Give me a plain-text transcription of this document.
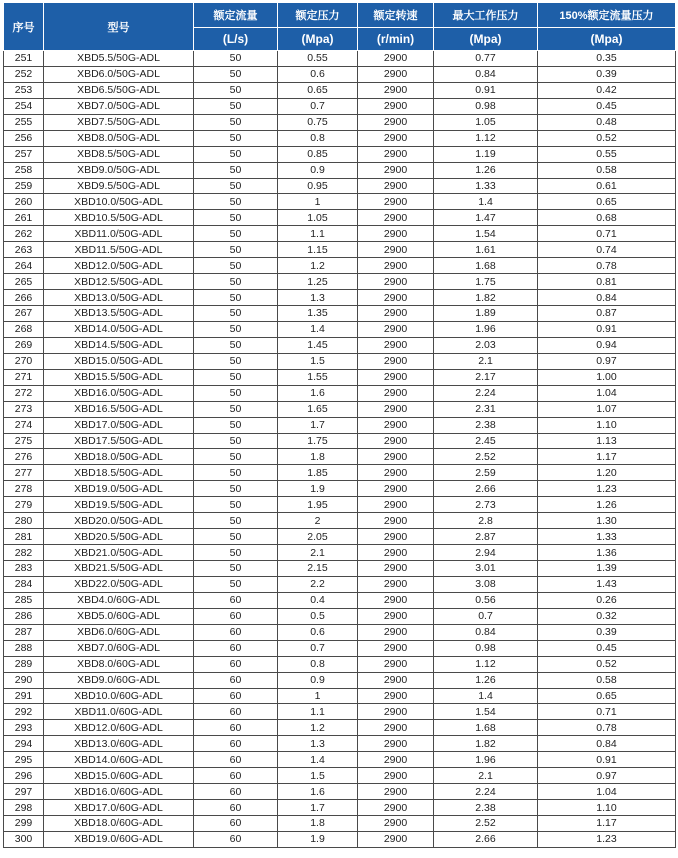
序号	型号	额定流量	额定压力	额定转速	最大工作压力	150%额定流量压力
		(L/s)	(Mpa)	(r/min)	(Mpa)	(Mpa)
251	XBD5.5/50G-ADL	50	0.55	2900	0.77	0.35
252	XBD6.0/50G-ADL	50	0.6	2900	0.84	0.39
253	XBD6.5/50G-ADL	50	0.65	2900	0.91	0.42
254	XBD7.0/50G-ADL	50	0.7	2900	0.98	0.45
255	XBD7.5/50G-ADL	50	0.75	2900	1.05	0.48
256	XBD8.0/50G-ADL	50	0.8	2900	1.12	0.52
257	XBD8.5/50G-ADL	50	0.85	2900	1.19	0.55
258	XBD9.0/50G-ADL	50	0.9	2900	1.26	0.58
259	XBD9.5/50G-ADL	50	0.95	2900	1.33	0.61
260	XBD10.0/50G-ADL	50	1	2900	1.4	0.65
261	XBD10.5/50G-ADL	50	1.05	2900	1.47	0.68
262	XBD11.0/50G-ADL	50	1.1	2900	1.54	0.71
263	XBD11.5/50G-ADL	50	1.15	2900	1.61	0.74
264	XBD12.0/50G-ADL	50	1.2	2900	1.68	0.78
265	XBD12.5/50G-ADL	50	1.25	2900	1.75	0.81
266	XBD13.0/50G-ADL	50	1.3	2900	1.82	0.84
267	XBD13.5/50G-ADL	50	1.35	2900	1.89	0.87
268	XBD14.0/50G-ADL	50	1.4	2900	1.96	0.91
269	XBD14.5/50G-ADL	50	1.45	2900	2.03	0.94
270	XBD15.0/50G-ADL	50	1.5	2900	2.1	0.97
271	XBD15.5/50G-ADL	50	1.55	2900	2.17	1.00
272	XBD16.0/50G-ADL	50	1.6	2900	2.24	1.04
273	XBD16.5/50G-ADL	50	1.65	2900	2.31	1.07
274	XBD17.0/50G-ADL	50	1.7	2900	2.38	1.10
275	XBD17.5/50G-ADL	50	1.75	2900	2.45	1.13
276	XBD18.0/50G-ADL	50	1.8	2900	2.52	1.17
277	XBD18.5/50G-ADL	50	1.85	2900	2.59	1.20
278	XBD19.0/50G-ADL	50	1.9	2900	2.66	1.23
279	XBD19.5/50G-ADL	50	1.95	2900	2.73	1.26
280	XBD20.0/50G-ADL	50	2	2900	2.8	1.30
281	XBD20.5/50G-ADL	50	2.05	2900	2.87	1.33
282	XBD21.0/50G-ADL	50	2.1	2900	2.94	1.36
283	XBD21.5/50G-ADL	50	2.15	2900	3.01	1.39
284	XBD22.0/50G-ADL	50	2.2	2900	3.08	1.43
285	XBD4.0/60G-ADL	60	0.4	2900	0.56	0.26
286	XBD5.0/60G-ADL	60	0.5	2900	0.7	0.32
287	XBD6.0/60G-ADL	60	0.6	2900	0.84	0.39
288	XBD7.0/60G-ADL	60	0.7	2900	0.98	0.45
289	XBD8.0/60G-ADL	60	0.8	2900	1.12	0.52
290	XBD9.0/60G-ADL	60	0.9	2900	1.26	0.58
291	XBD10.0/60G-ADL	60	1	2900	1.4	0.65
292	XBD11.0/60G-ADL	60	1.1	2900	1.54	0.71
293	XBD12.0/60G-ADL	60	1.2	2900	1.68	0.78
294	XBD13.0/60G-ADL	60	1.3	2900	1.82	0.84
295	XBD14.0/60G-ADL	60	1.4	2900	1.96	0.91
296	XBD15.0/60G-ADL	60	1.5	2900	2.1	0.97
297	XBD16.0/60G-ADL	60	1.6	2900	2.24	1.04
298	XBD17.0/60G-ADL	60	1.7	2900	2.38	1.10
299	XBD18.0/60G-ADL	60	1.8	2900	2.52	1.17
300	XBD19.0/60G-ADL	60	1.9	2900	2.66	1.23
